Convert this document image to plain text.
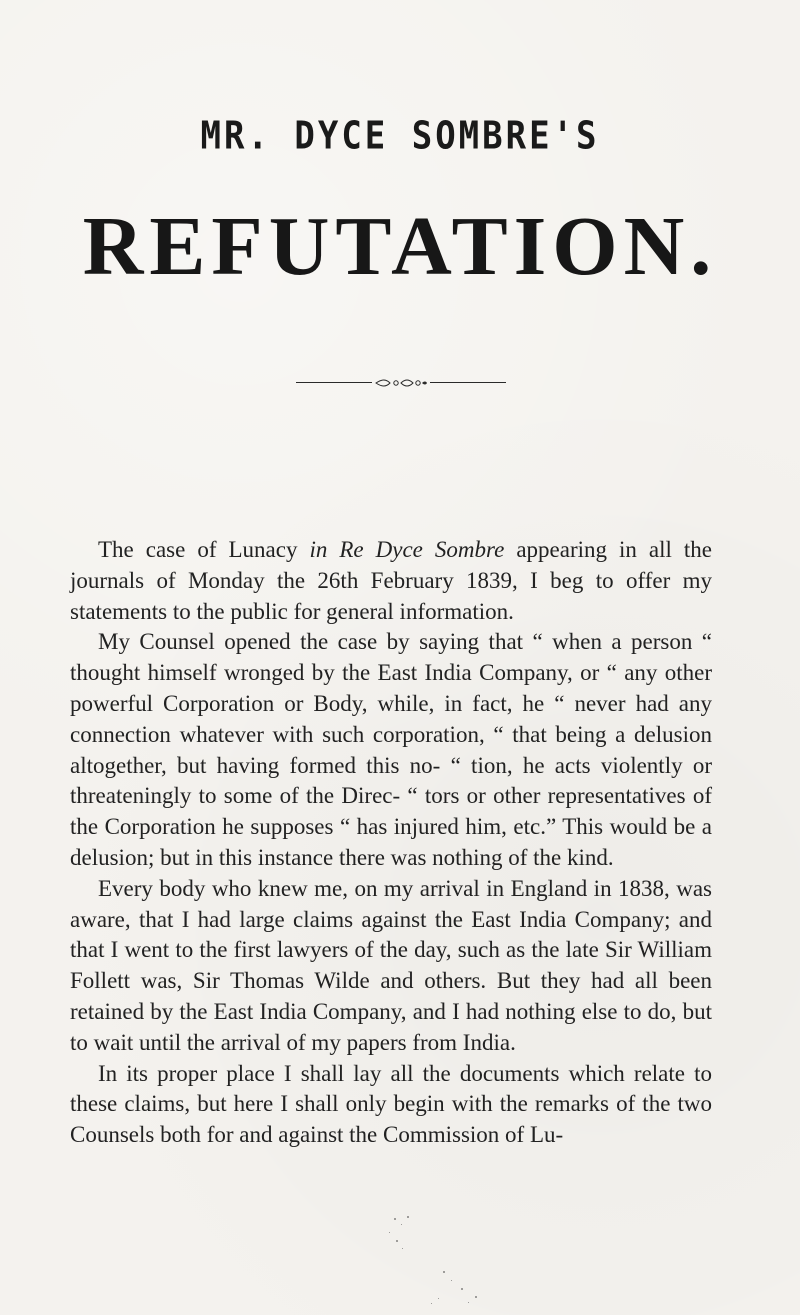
MR. DYCE SOMBRE'S
REFUTATION.

The case of Lunacy in Re Dyce Sombre appearing in all the journals of Monday the 26th February 1839, I beg to offer my statements to the public for general information.

My Counsel opened the case by saying that “ when a person “ thought himself wronged by the East India Company, or “ any other powerful Corporation or Body, while, in fact, he “ never had any connection whatever with such corporation, “ that being a delusion altogether, but having formed this no- “ tion, he acts violently or threateningly to some of the Direc- “ tors or other representatives of the Corporation he supposes “ has injured him, etc.” This would be a delusion; but in this instance there was nothing of the kind.

Every body who knew me, on my arrival in England in 1838, was aware, that I had large claims against the East India Company; and that I went to the first lawyers of the day, such as the late Sir William Follett was, Sir Thomas Wilde and others. But they had all been retained by the East India Company, and I had nothing else to do, but to wait until the arrival of my papers from India.

In its proper place I shall lay all the documents which relate to these claims, but here I shall only begin with the remarks of the two Counsels both for and against the Commission of Lu-
